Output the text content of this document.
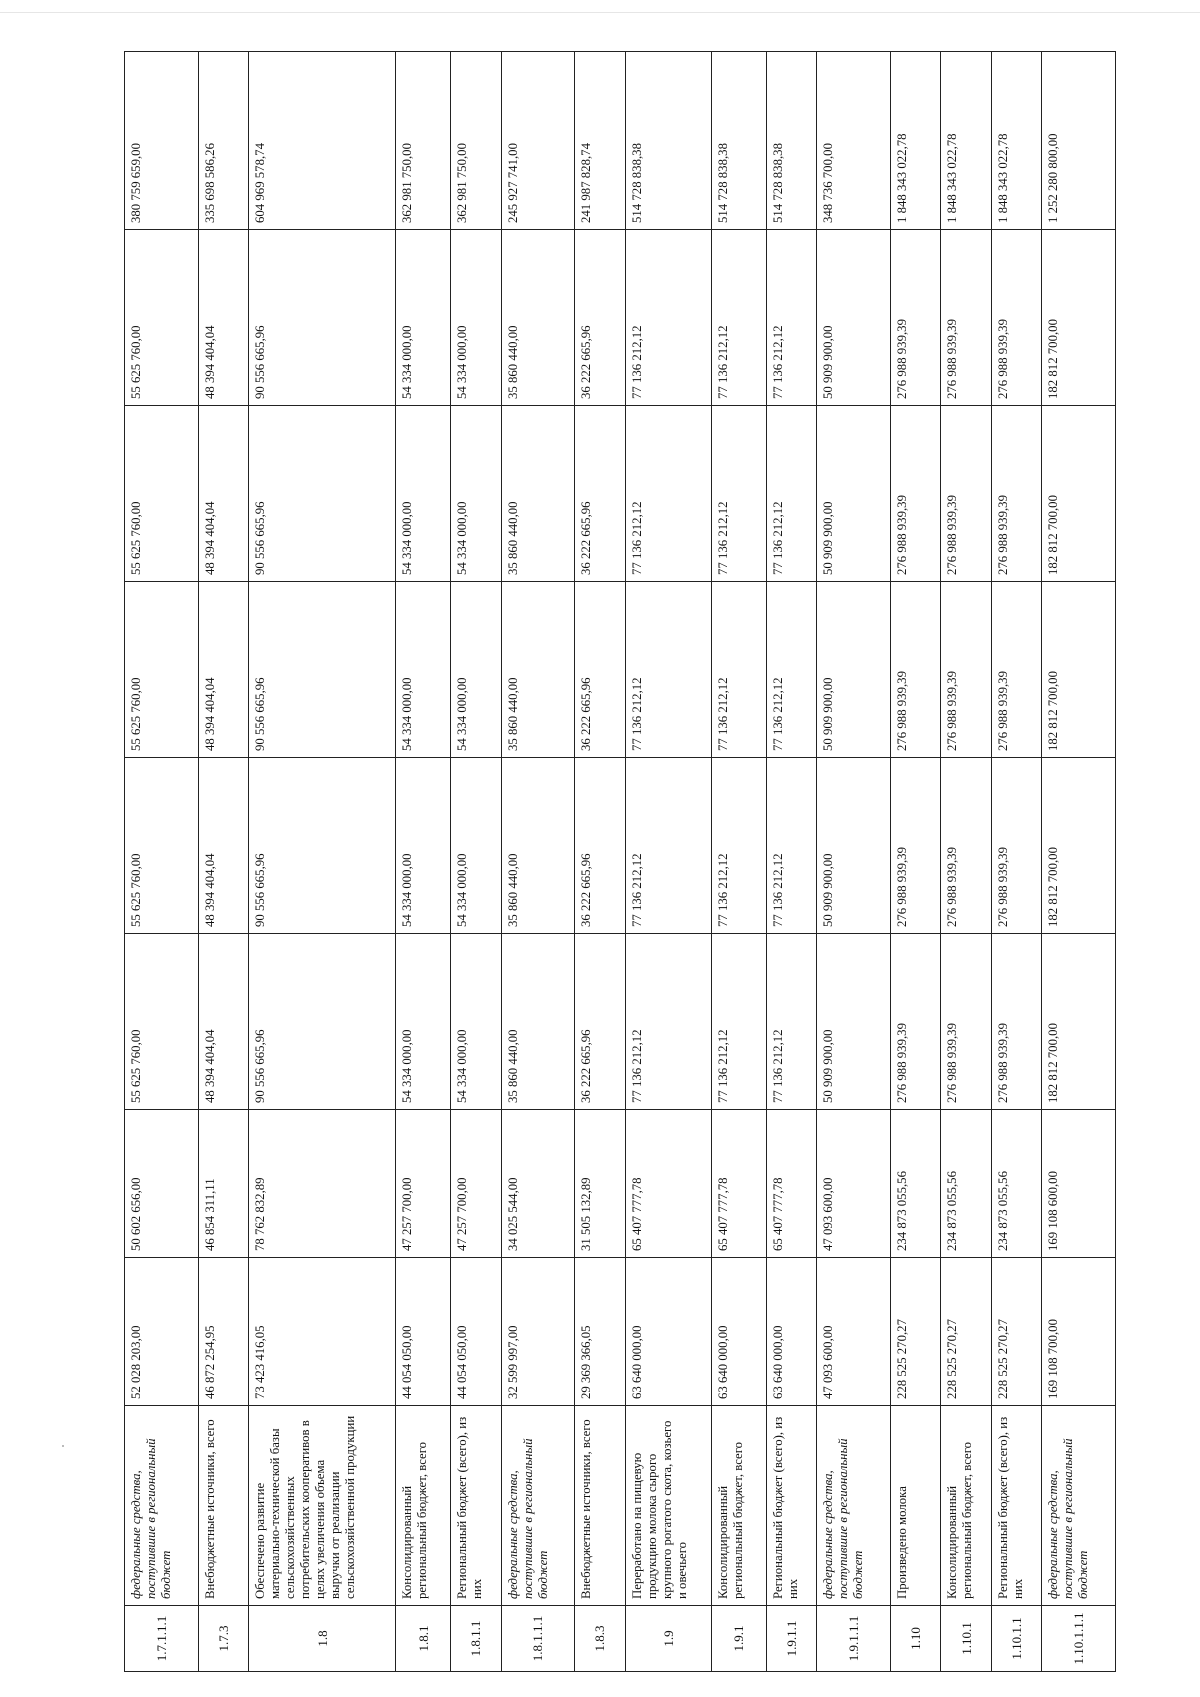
1.7.1.1.1	федеральные средства, поступившие в региональный бюджет	52 028 203,00	50 602 656,00	55 625 760,00	55 625 760,00	55 625 760,00	55 625 760,00	55 625 760,00	380 759 659,00
1.7.3	Внебюджетные источники, всего	46 872 254,95	46 854 311,11	48 394 404,04	48 394 404,04	48 394 404,04	48 394 404,04	48 394 404,04	335 698 586,26
1.8	Обеспечено развитие материально-технической базы сельскохозяйственных потребительских кооперативов в целях увеличения объема выручки от реализации сельскохозяйственной продукции	73 423 416,05	78 762 832,89	90 556 665,96	90 556 665,96	90 556 665,96	90 556 665,96	90 556 665,96	604 969 578,74
1.8.1	Консолидированный региональный бюджет, всего	44 054 050,00	47 257 700,00	54 334 000,00	54 334 000,00	54 334 000,00	54 334 000,00	54 334 000,00	362 981 750,00
1.8.1.1	Региональный бюджет (всего), из них	44 054 050,00	47 257 700,00	54 334 000,00	54 334 000,00	54 334 000,00	54 334 000,00	54 334 000,00	362 981 750,00
1.8.1.1.1	федеральные средства, поступившие в региональный бюджет	32 599 997,00	34 025 544,00	35 860 440,00	35 860 440,00	35 860 440,00	35 860 440,00	35 860 440,00	245 927 741,00
1.8.3	Внебюджетные источники, всего	29 369 366,05	31 505 132,89	36 222 665,96	36 222 665,96	36 222 665,96	36 222 665,96	36 222 665,96	241 987 828,74
1.9	Переработано на пищевую продукцию молока сырого крупного рогатого скота, козьего и овечьего	63 640 000,00	65 407 777,78	77 136 212,12	77 136 212,12	77 136 212,12	77 136 212,12	77 136 212,12	514 728 838,38
1.9.1	Консолидированный региональный бюджет, всего	63 640 000,00	65 407 777,78	77 136 212,12	77 136 212,12	77 136 212,12	77 136 212,12	77 136 212,12	514 728 838,38
1.9.1.1	Региональный бюджет (всего), из них	63 640 000,00	65 407 777,78	77 136 212,12	77 136 212,12	77 136 212,12	77 136 212,12	77 136 212,12	514 728 838,38
1.9.1.1.1	федеральные средства, поступившие в региональный бюджет	47 093 600,00	47 093 600,00	50 909 900,00	50 909 900,00	50 909 900,00	50 909 900,00	50 909 900,00	348 736 700,00
1.10	Произведено молока	228 525 270,27	234 873 055,56	276 988 939,39	276 988 939,39	276 988 939,39	276 988 939,39	276 988 939,39	1 848 343 022,78
1.10.1	Консолидированный региональный бюджет, всего	228 525 270,27	234 873 055,56	276 988 939,39	276 988 939,39	276 988 939,39	276 988 939,39	276 988 939,39	1 848 343 022,78
1.10.1.1	Региональный бюджет (всего), из них	228 525 270,27	234 873 055,56	276 988 939,39	276 988 939,39	276 988 939,39	276 988 939,39	276 988 939,39	1 848 343 022,78
1.10.1.1.1	федеральные средства, поступившие в региональный бюджет	169 108 700,00	169 108 600,00	182 812 700,00	182 812 700,00	182 812 700,00	182 812 700,00	182 812 700,00	1 252 280 800,00
